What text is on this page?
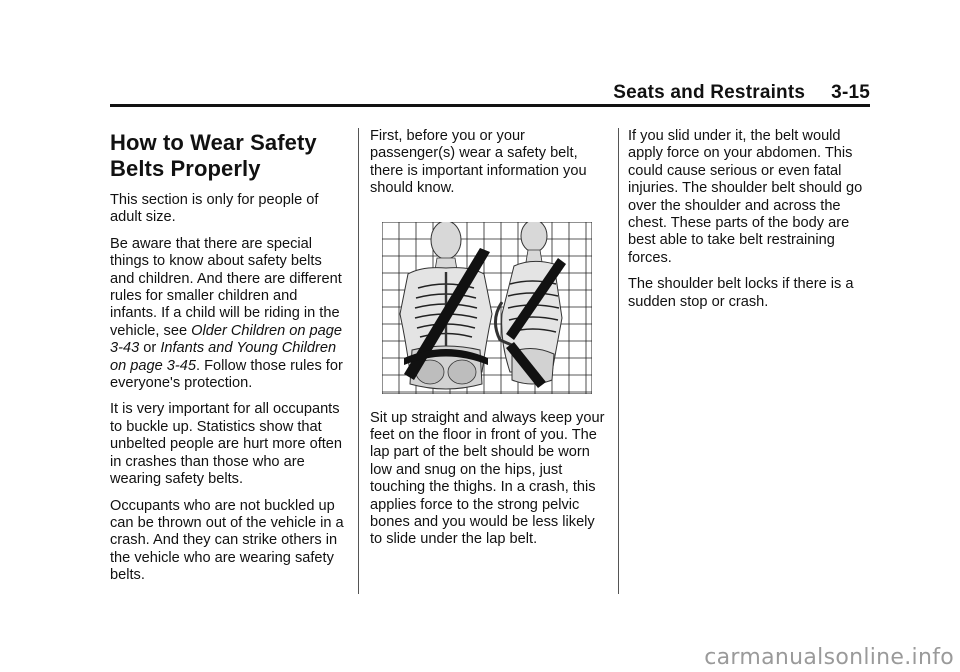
Seats and Restraints 3-15
How to Wear Safety Belts Properly

This section is only for people of adult size.

Be aware that there are special things to know about safety belts and children. And there are different rules for smaller children and infants. If a child will be riding in the vehicle, see Older Children on page 3-43 or Infants and Young Children on page 3-45. Follow those rules for everyone's protection.

It is very important for all occupants to buckle up. Statistics show that unbelted people are hurt more often in crashes than those who are wearing safety belts.

Occupants who are not buckled up can be thrown out of the vehicle in a crash. And they can strike others in the vehicle who are wearing safety belts.

First, before you or your passenger(s) wear a safety belt, there is important information you should know.

Sit up straight and always keep your feet on the floor in front of you. The lap part of the belt should be worn low and snug on the hips, just touching the thighs. In a crash, this applies force to the strong pelvic bones and you would be less likely to slide under the lap belt.

If you slid under it, the belt would apply force on your abdomen. This could cause serious or even fatal injuries. The shoulder belt should go over the shoulder and across the chest. These parts of the body are best able to take belt restraining forces.

The shoulder belt locks if there is a sudden stop or crash.

carmanualsonline.info
